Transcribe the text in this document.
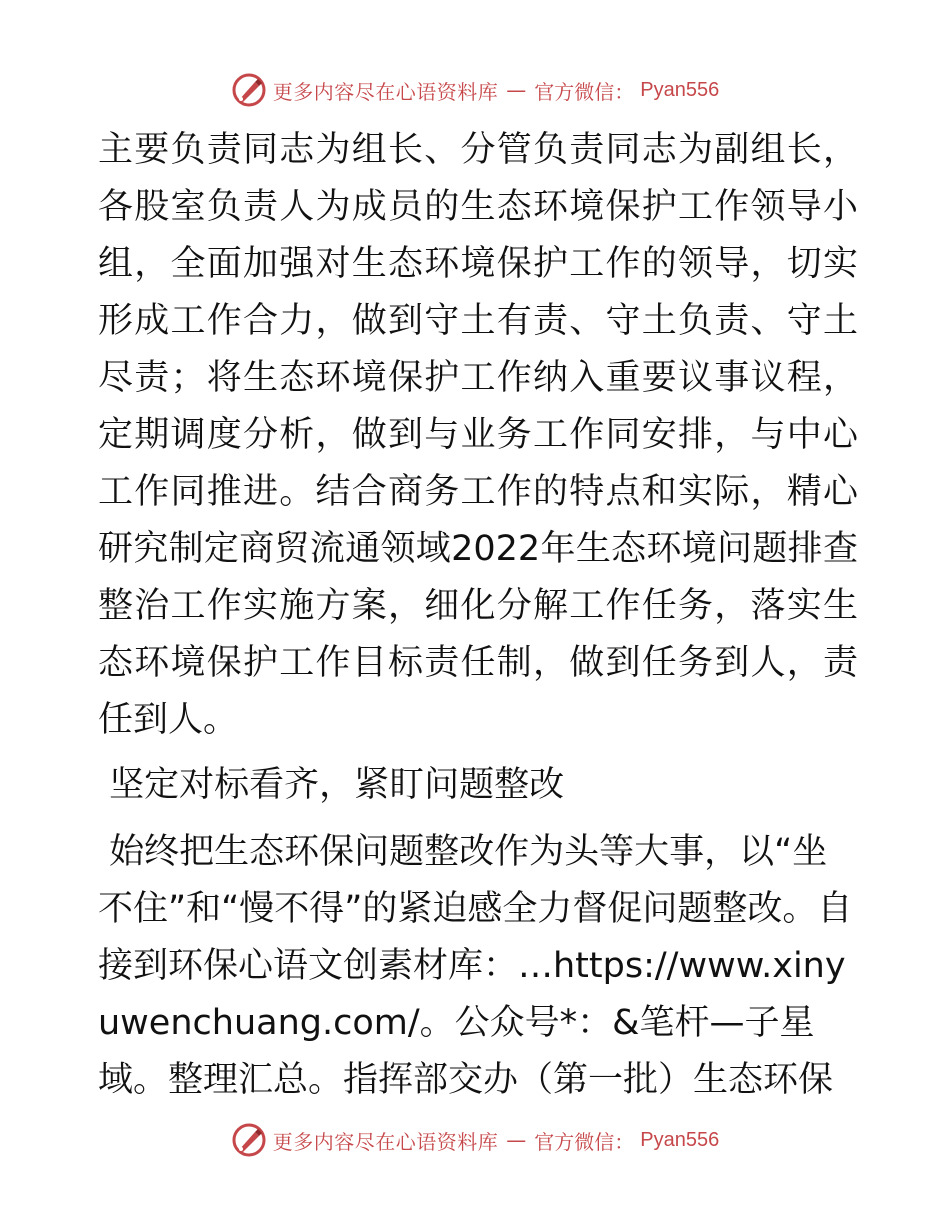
更多内容尽在心语资料库 — 官方微信： Pyan556

主要负责同志为组长、分管负责同志为副组长，各股室负责人为成员的生态环境保护工作领导小组，全面加强对生态环境保护工作的领导，切实形成工作合力，做到守土有责、守土负责、守土尽责；将生态环境保护工作纳入重要议事议程，定期调度分析，做到与业务工作同安排，与中心工作同推进。结合商务工作的特点和实际，精心研究制定商贸流通领域2022年生态环境问题排查整治工作实施方案，细化分解工作任务，落实生态环境保护工作目标责任制，做到任务到人，责任到人。

坚定对标看齐，紧盯问题整改

始终把生态环保问题整改作为头等大事，以“坐不住”和“慢不得”的紧迫感全力督促问题整改。自接到环保心语文创素材库：…https://www.xinyuwenchuang.com/。公众号*：&笔杆—子星域。整理汇总。指挥部交办（第一批）生态环保

更多内容尽在心语资料库 — 官方微信： Pyan556
